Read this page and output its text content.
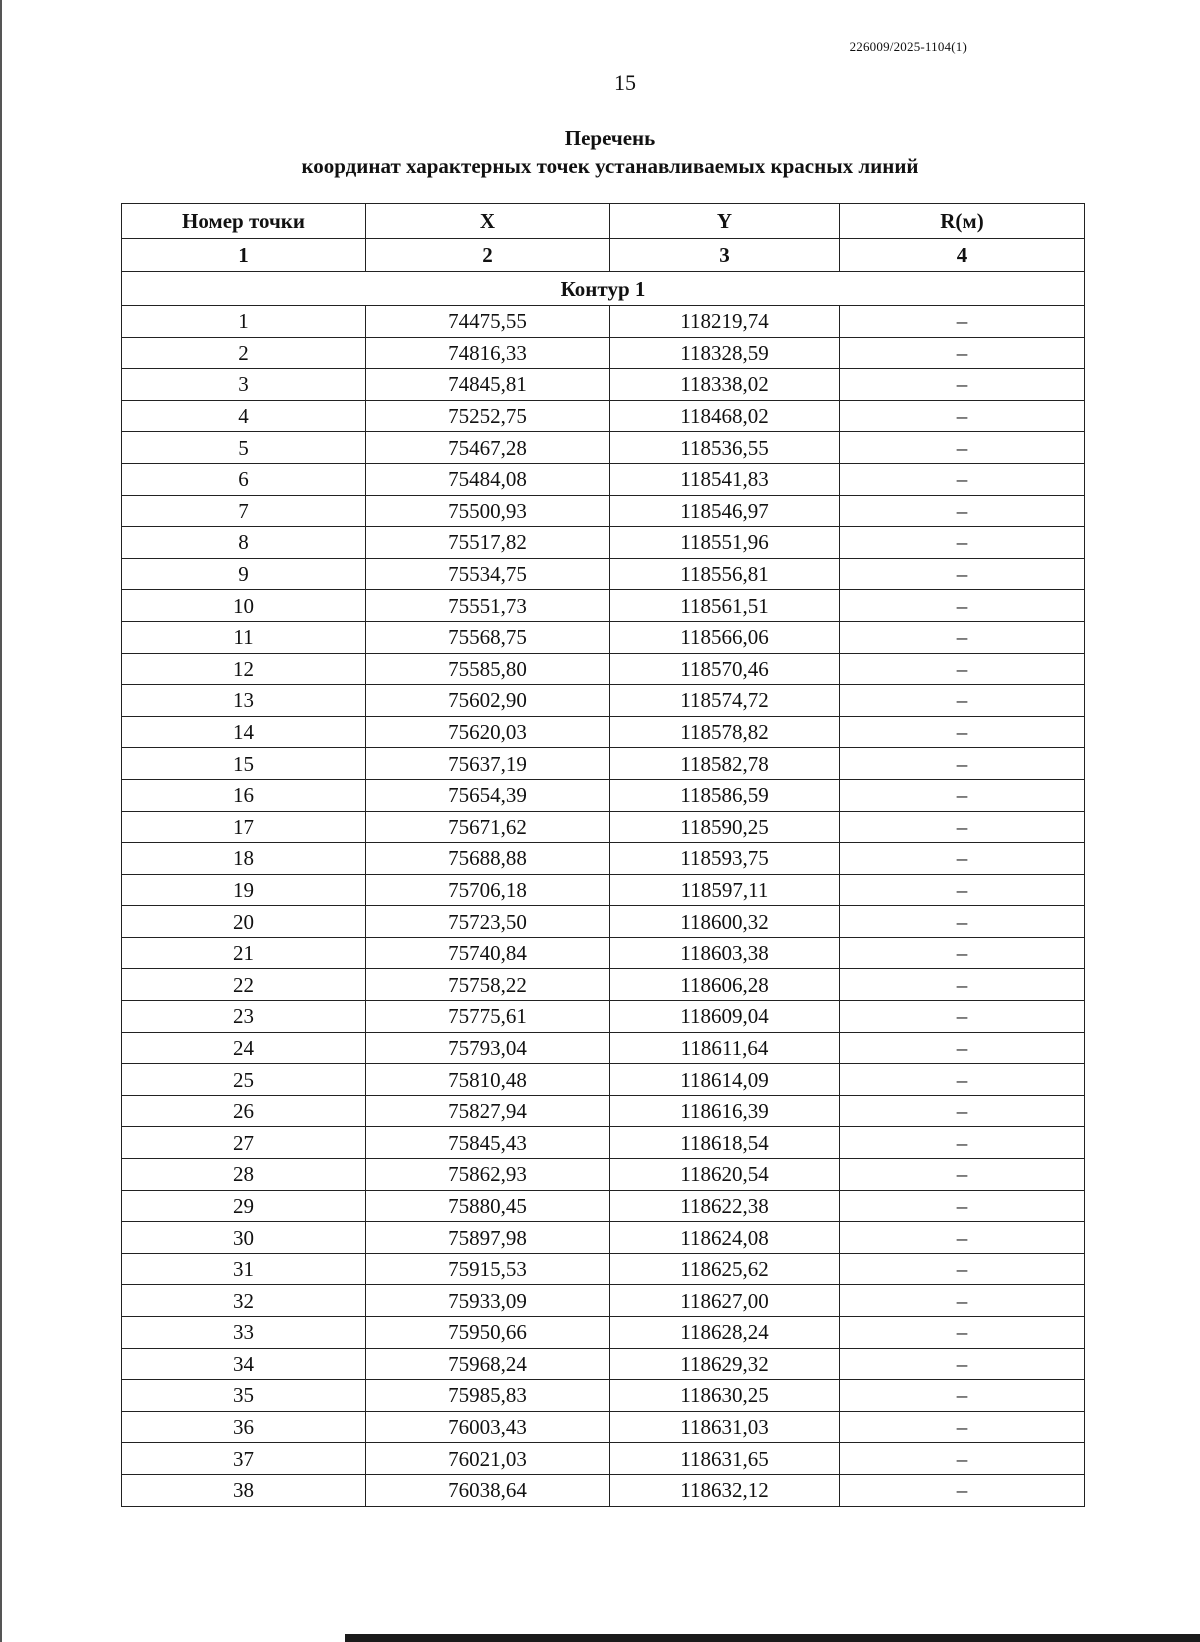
226009/2025-1104(1)
15
Перечень
координат характерных точек устанавливаемых красных линий
Номер точки	X	Y	R(м)
1	2	3	4
Контур 1			
1	74475,55	118219,74	–
2	74816,33	118328,59	–
3	74845,81	118338,02	–
4	75252,75	118468,02	–
5	75467,28	118536,55	–
6	75484,08	118541,83	–
7	75500,93	118546,97	–
8	75517,82	118551,96	–
9	75534,75	118556,81	–
10	75551,73	118561,51	–
11	75568,75	118566,06	–
12	75585,80	118570,46	–
13	75602,90	118574,72	–
14	75620,03	118578,82	–
15	75637,19	118582,78	–
16	75654,39	118586,59	–
17	75671,62	118590,25	–
18	75688,88	118593,75	–
19	75706,18	118597,11	–
20	75723,50	118600,32	–
21	75740,84	118603,38	–
22	75758,22	118606,28	–
23	75775,61	118609,04	–
24	75793,04	118611,64	–
25	75810,48	118614,09	–
26	75827,94	118616,39	–
27	75845,43	118618,54	–
28	75862,93	118620,54	–
29	75880,45	118622,38	–
30	75897,98	118624,08	–
31	75915,53	118625,62	–
32	75933,09	118627,00	–
33	75950,66	118628,24	–
34	75968,24	118629,32	–
35	75985,83	118630,25	–
36	76003,43	118631,03	–
37	76021,03	118631,65	–
38	76038,64	118632,12	–
